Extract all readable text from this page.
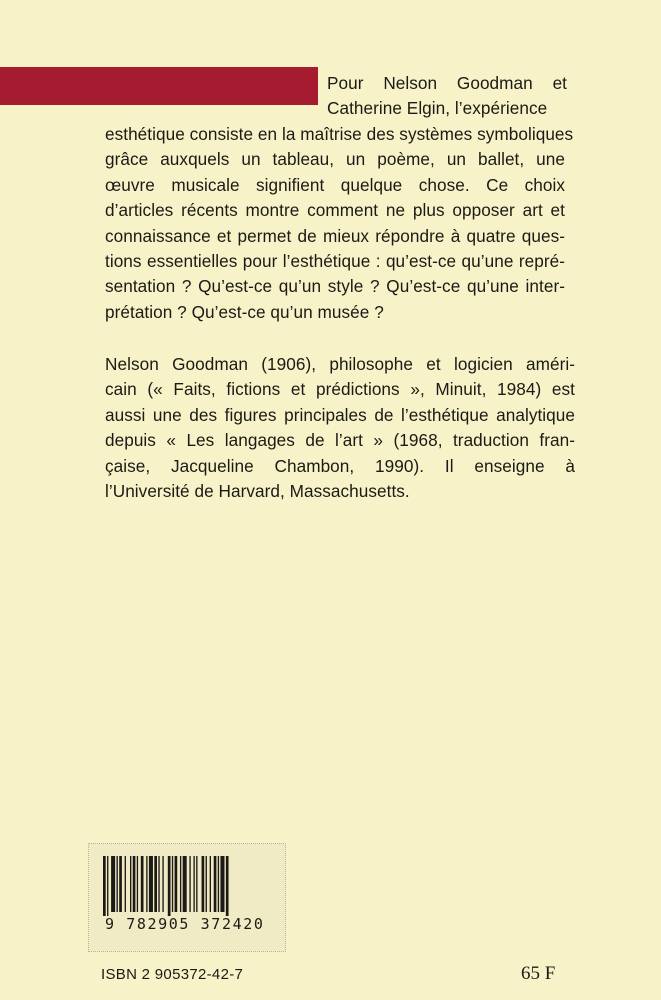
Pour Nelson Goodman et
Catherine Elgin, l’expérience
esthétique consiste en la maîtrise des systèmes symboliques
grâce auxquels un tableau, un poème, un ballet, une
œuvre musicale signifient quelque chose. Ce choix
d’articles récents montre comment ne plus opposer art et
connaissance et permet de mieux répondre à quatre ques-
tions essentielles pour l’esthétique : qu’est-ce qu’une repré-
sentation ? Qu’est-ce qu’un style ? Qu’est-ce qu’une inter-
prétation ? Qu’est-ce qu’un musée ?
Nelson Goodman (1906), philosophe et logicien améri-
cain (« Faits, fictions et prédictions », Minuit, 1984) est
aussi une des figures principales de l’esthétique analytique
depuis « Les langages de l’art » (1968, traduction fran-
çaise, Jacqueline Chambon, 1990). Il enseigne à
l’Université de Harvard, Massachusetts.
9 782905 372420
ISBN 2 905372-42-7	65 F
